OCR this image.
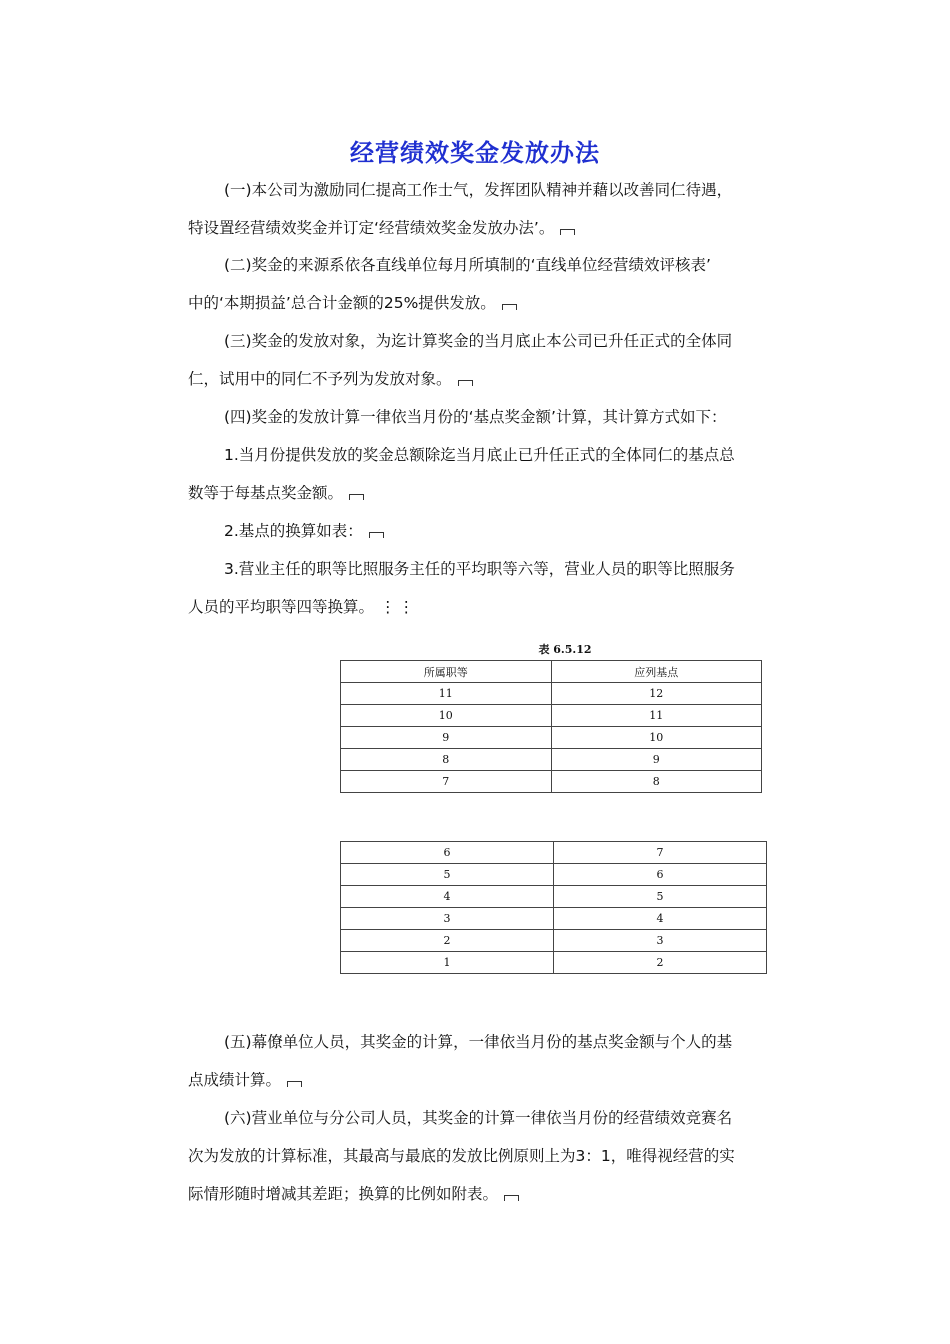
经营绩效奖金发放办法
(一)本公司为激励同仁提高工作士气，发挥团队精神并藉以改善同仁待遇，
特设置经营绩效奖金并订定‘经营绩效奖金发放办法’。
(二)奖金的来源系依各直线单位每月所填制的‘直线单位经营绩效评核表’
中的‘本期损益’总合计金额的25%提供发放。
(三)奖金的发放对象，为迄计算奖金的当月底止本公司已升任正式的全体同
仁，试用中的同仁不予列为发放对象。
(四)奖金的发放计算一律依当月份的‘基点奖金额’计算，其计算方式如下：
1.当月份提供发放的奖金总额除迄当月底止已升任正式的全体同仁的基点总
数等于每基点奖金额。
2.基点的换算如表：
3.营业主任的职等比照服务主任的平均职等六等，营业人员的职等比照服务
人员的平均职等四等换算。 ⋮⋮
表 6.5.12
所属职等	应列基点
11	12
10	11
9	10
8	9
7	8
6	7
5	6
4	5
3	4
2	3
1	2
(五)幕僚单位人员，其奖金的计算，一律依当月份的基点奖金额与个人的基
点成绩计算。
(六)营业单位与分公司人员，其奖金的计算一律依当月份的经营绩效竞赛名
次为发放的计算标准，其最高与最底的发放比例原则上为3：1，唯得视经营的实
际情形随时增减其差距；换算的比例如附表。
